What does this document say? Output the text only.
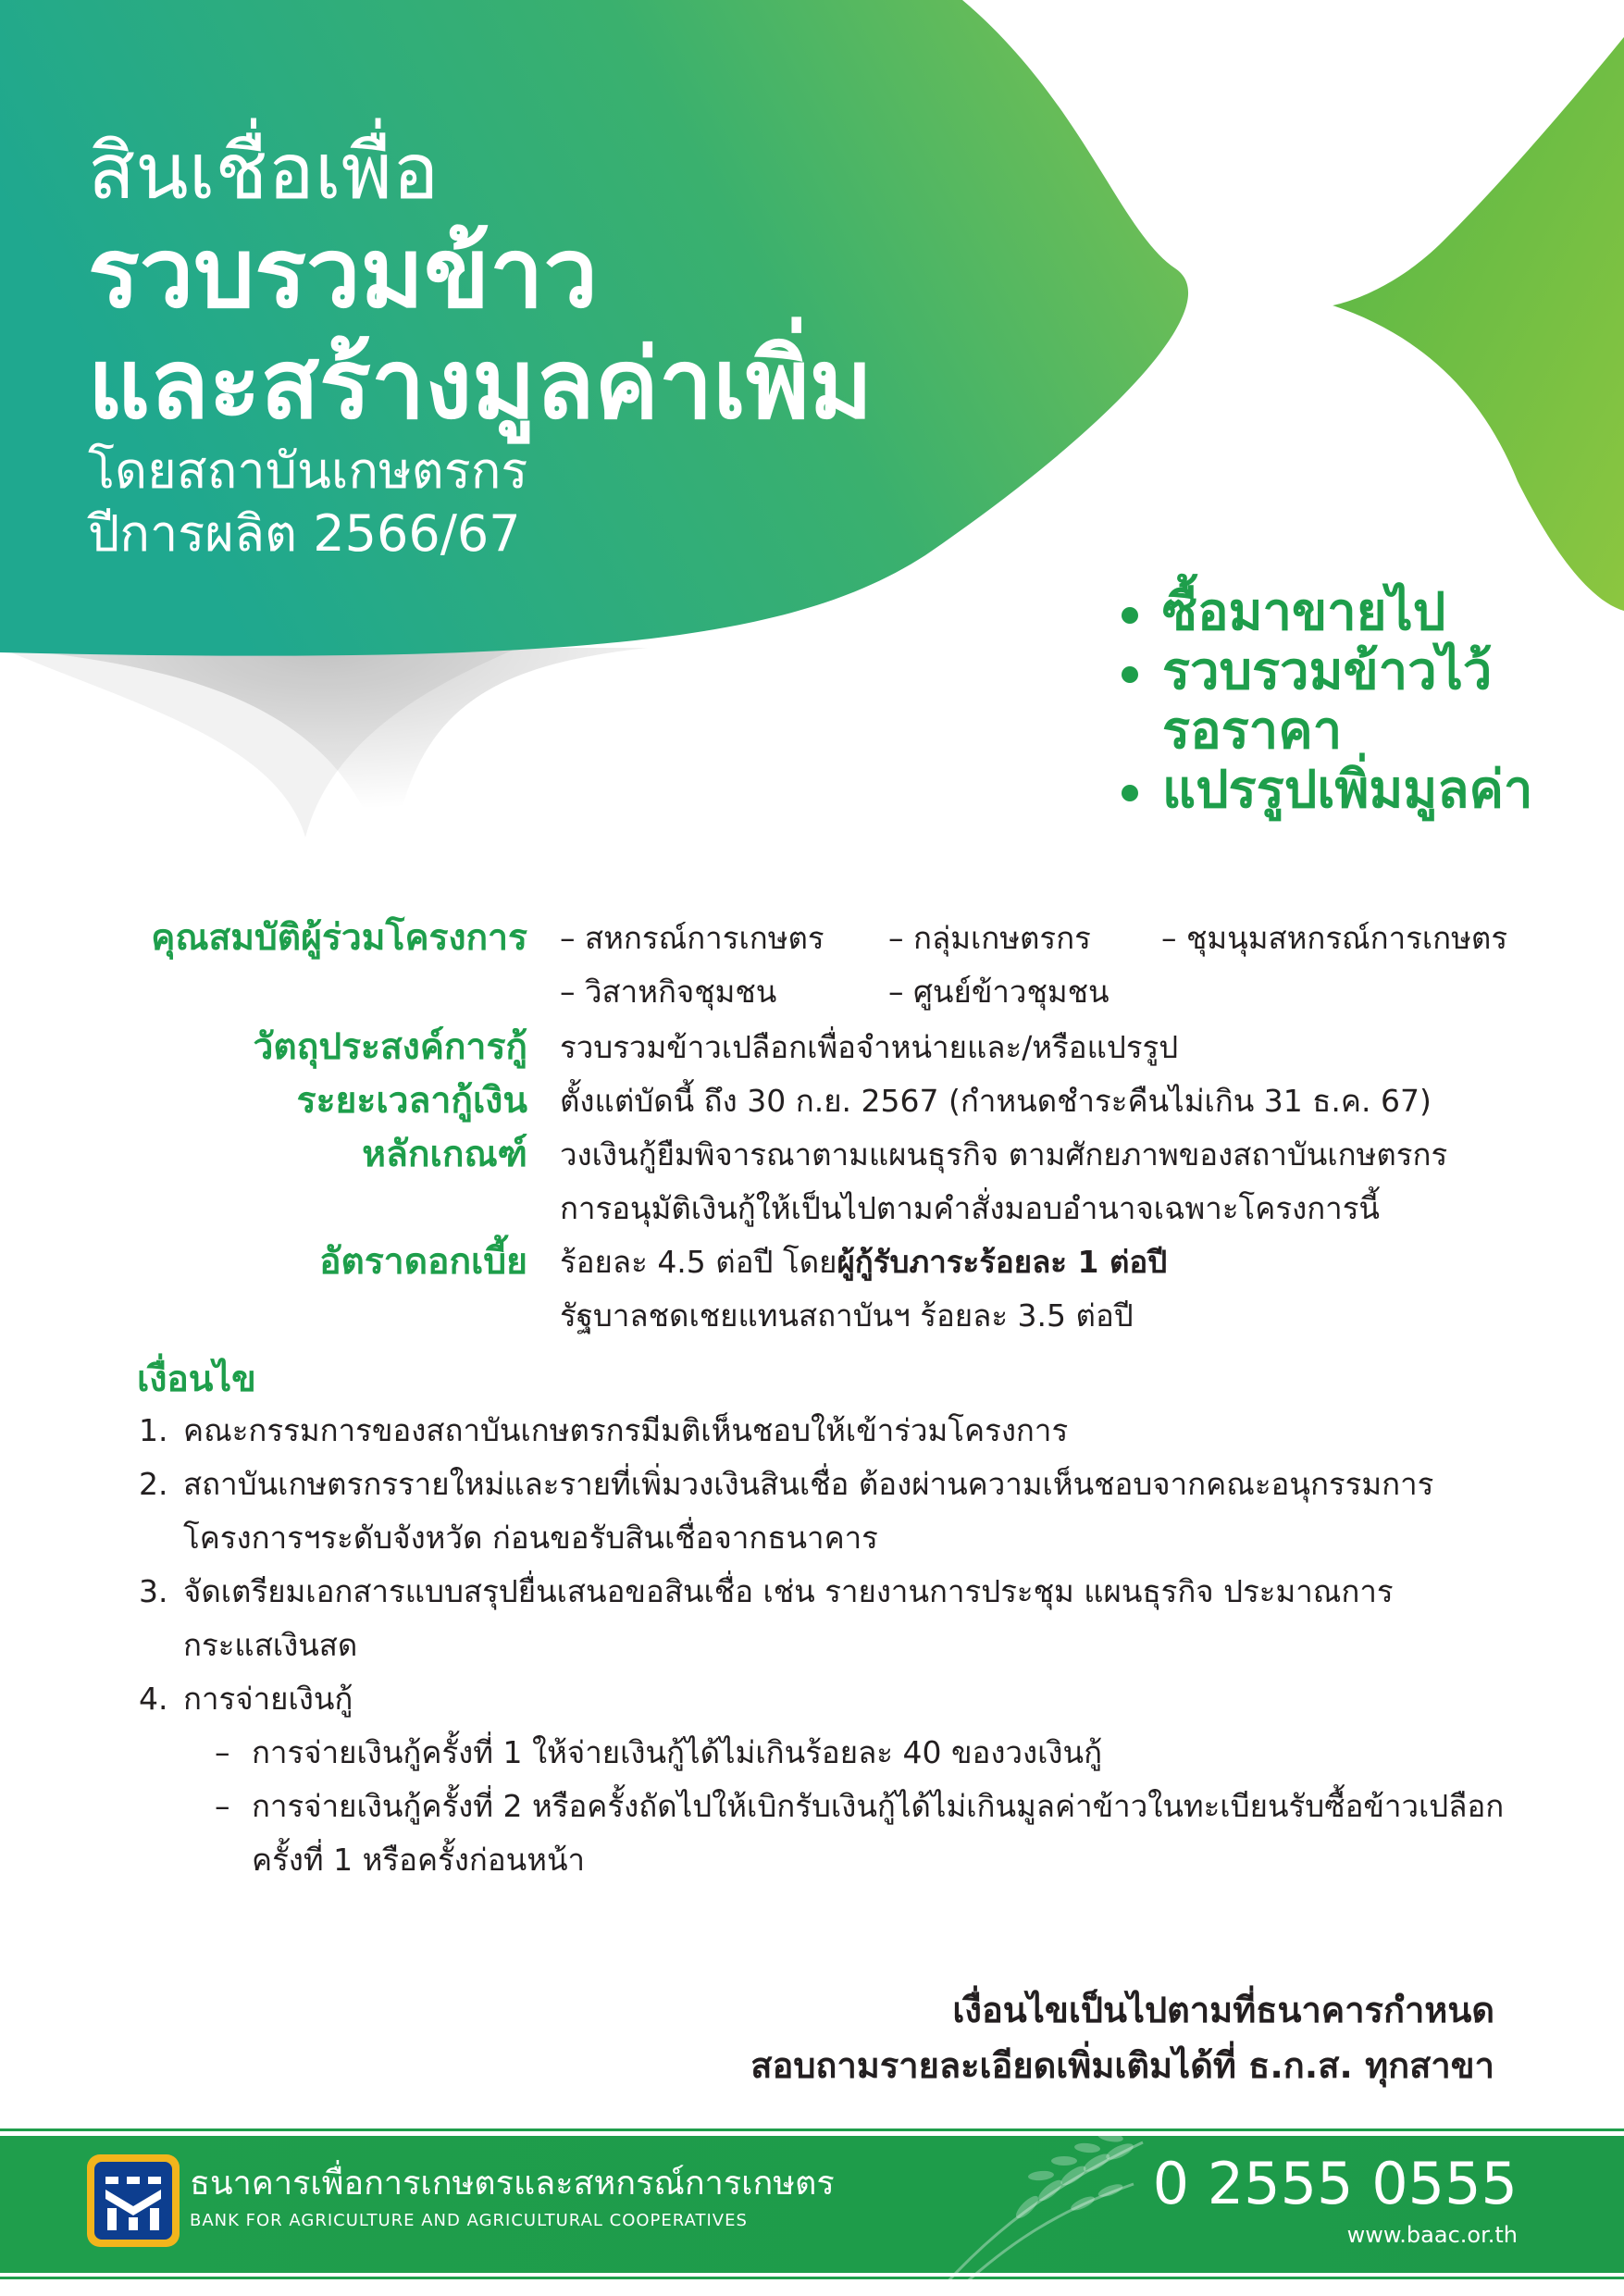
สินเชื่อเพื่อ
รวบรวมข้าว
และสร้างมูลค่าเพิ่ม
โดยสถาบันเกษตรกร
ปีการผลิต 2566/67
ซื้อมาขายไป
รวบรวมข้าวไว้
รอราคา
แปรรูปเพิ่มมูลค่า
คุณสมบัติผู้ร่วมโครงการ – สหกรณ์การเกษตร	– กลุ่มเกษตรกร	– ชุมนุมสหกรณ์การเกษตร
– วิสาหกิจชุมชน	– ศูนย์ข้าวชุมชน
วัตถุประสงค์การกู้ รวบรวมข้าวเปลือกเพื่อจำหน่ายและ/หรือแปรรูป
ระยะเวลากู้เงิน ตั้งแต่บัดนี้ ถึง 30 ก.ย. 2567 (กำหนดชำระคืนไม่เกิน 31 ธ.ค. 67)
หลักเกณฑ์ วงเงินกู้ยืมพิจารณาตามแผนธุรกิจ ตามศักยภาพของสถาบันเกษตรกร
การอนุมัติเงินกู้ให้เป็นไปตามคำสั่งมอบอำนาจเฉพาะโครงการนี้
อัตราดอกเบี้ย ร้อยละ 4.5 ต่อปี โดยผู้กู้รับภาระร้อยละ 1 ต่อปี
รัฐบาลชดเชยแทนสถาบันฯ ร้อยละ 3.5 ต่อปี
เงื่อนไข
1. คณะกรรมการของสถาบันเกษตรกรมีมติเห็นชอบให้เข้าร่วมโครงการ
2. สถาบันเกษตรกรรายใหม่และรายที่เพิ่มวงเงินสินเชื่อ ต้องผ่านความเห็นชอบจากคณะอนุกรรมการ
โครงการฯระดับจังหวัด ก่อนขอรับสินเชื่อจากธนาคาร
3. จัดเตรียมเอกสารแบบสรุปยื่นเสนอขอสินเชื่อ เช่น รายงานการประชุม แผนธุรกิจ ประมาณการ
กระแสเงินสด
4. การจ่ายเงินกู้
– การจ่ายเงินกู้ครั้งที่ 1 ให้จ่ายเงินกู้ได้ไม่เกินร้อยละ 40 ของวงเงินกู้
– การจ่ายเงินกู้ครั้งที่ 2 หรือครั้งถัดไปให้เบิกรับเงินกู้ได้ไม่เกินมูลค่าข้าวในทะเบียนรับซื้อข้าวเปลือก
ครั้งที่ 1 หรือครั้งก่อนหน้า
เงื่อนไขเป็นไปตามที่ธนาคารกำหนด
สอบถามรายละเอียดเพิ่มเติมได้ที่ ธ.ก.ส. ทุกสาขา
ธนาคารเพื่อการเกษตรและสหกรณ์การเกษตร
BANK FOR AGRICULTURE AND AGRICULTURAL COOPERATIVES
0 2555 0555
www.baac.or.th
